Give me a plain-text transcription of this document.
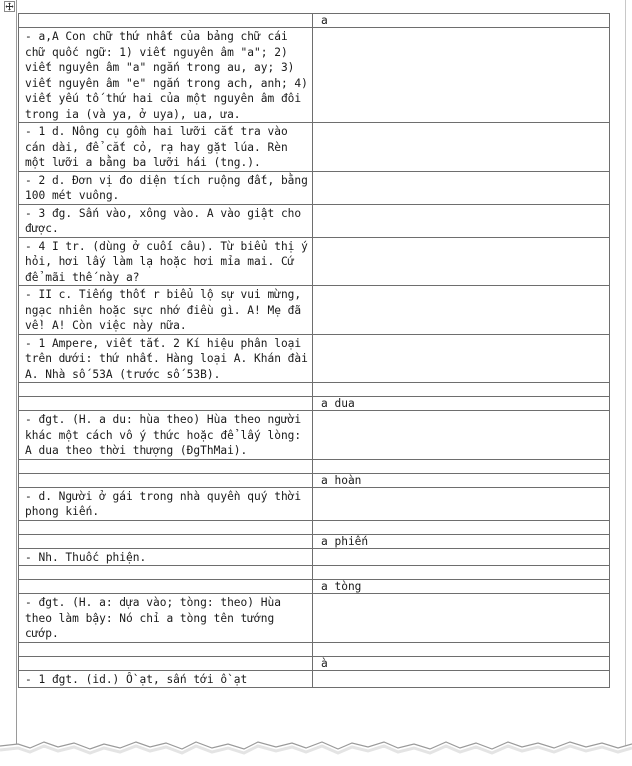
	a
- a,A Con chữ thứ nhất của bảng chữ cái chữ quốc ngữ: 1) viết nguyên âm "a"; 2) viết nguyên âm "a" ngắn trong au, ay; 3) viết nguyên âm "e" ngắn trong ach, anh; 4) viết yếu tố thứ hai của một nguyên âm đôi trong ia (và ya, ở uya), ua, ưa.	
- 1 d. Nông cụ gồm hai lưỡi cắt tra vào cán dài, để cắt cỏ, rạ hay gặt lúa. Rèn một lưỡi a bằng ba lưỡi hái (tng.).	
- 2 d. Đơn vị đo diện tích ruộng đất, bằng 100 mét vuông.	
- 3 đg. Sấn vào, xông vào. A vào giật cho được.	
- 4 I tr. (dùng ở cuối câu). Từ biểu thị ý hỏi, hơi lấy làm lạ hoặc hơi mỉa mai. Cứ để mãi thế này a?	
- II c. Tiếng thốt r biểu lộ sự vui mừng, ngạc nhiên hoặc sực nhớ điều gì. A! Mẹ đã về! A! Còn việc này nữa.	
- 1 Ampere, viết tắt. 2 Kí hiệu phân loại trên dưới: thứ nhất. Hàng loại A. Khán đài A. Nhà số 53A (trước số 53B).	

	a dua
- đgt. (H. a du: hùa theo) Hùa theo người khác một cách vô ý thức hoặc để lấy lòng: A dua theo thời thượng (ĐgThMai).	

	a hoàn
- d. Người ở gái trong nhà quyền quý thời phong kiến.	

	a phiến
- Nh. Thuốc phiện.	

	a tòng
- đgt. (H. a: dựa vào; tòng: theo) Hùa theo làm bậy: Nó chỉ a tòng tên tướng cướp.	

	à
- 1 đgt. (id.) Ồ ạt, sấn tới ồ ạt	
